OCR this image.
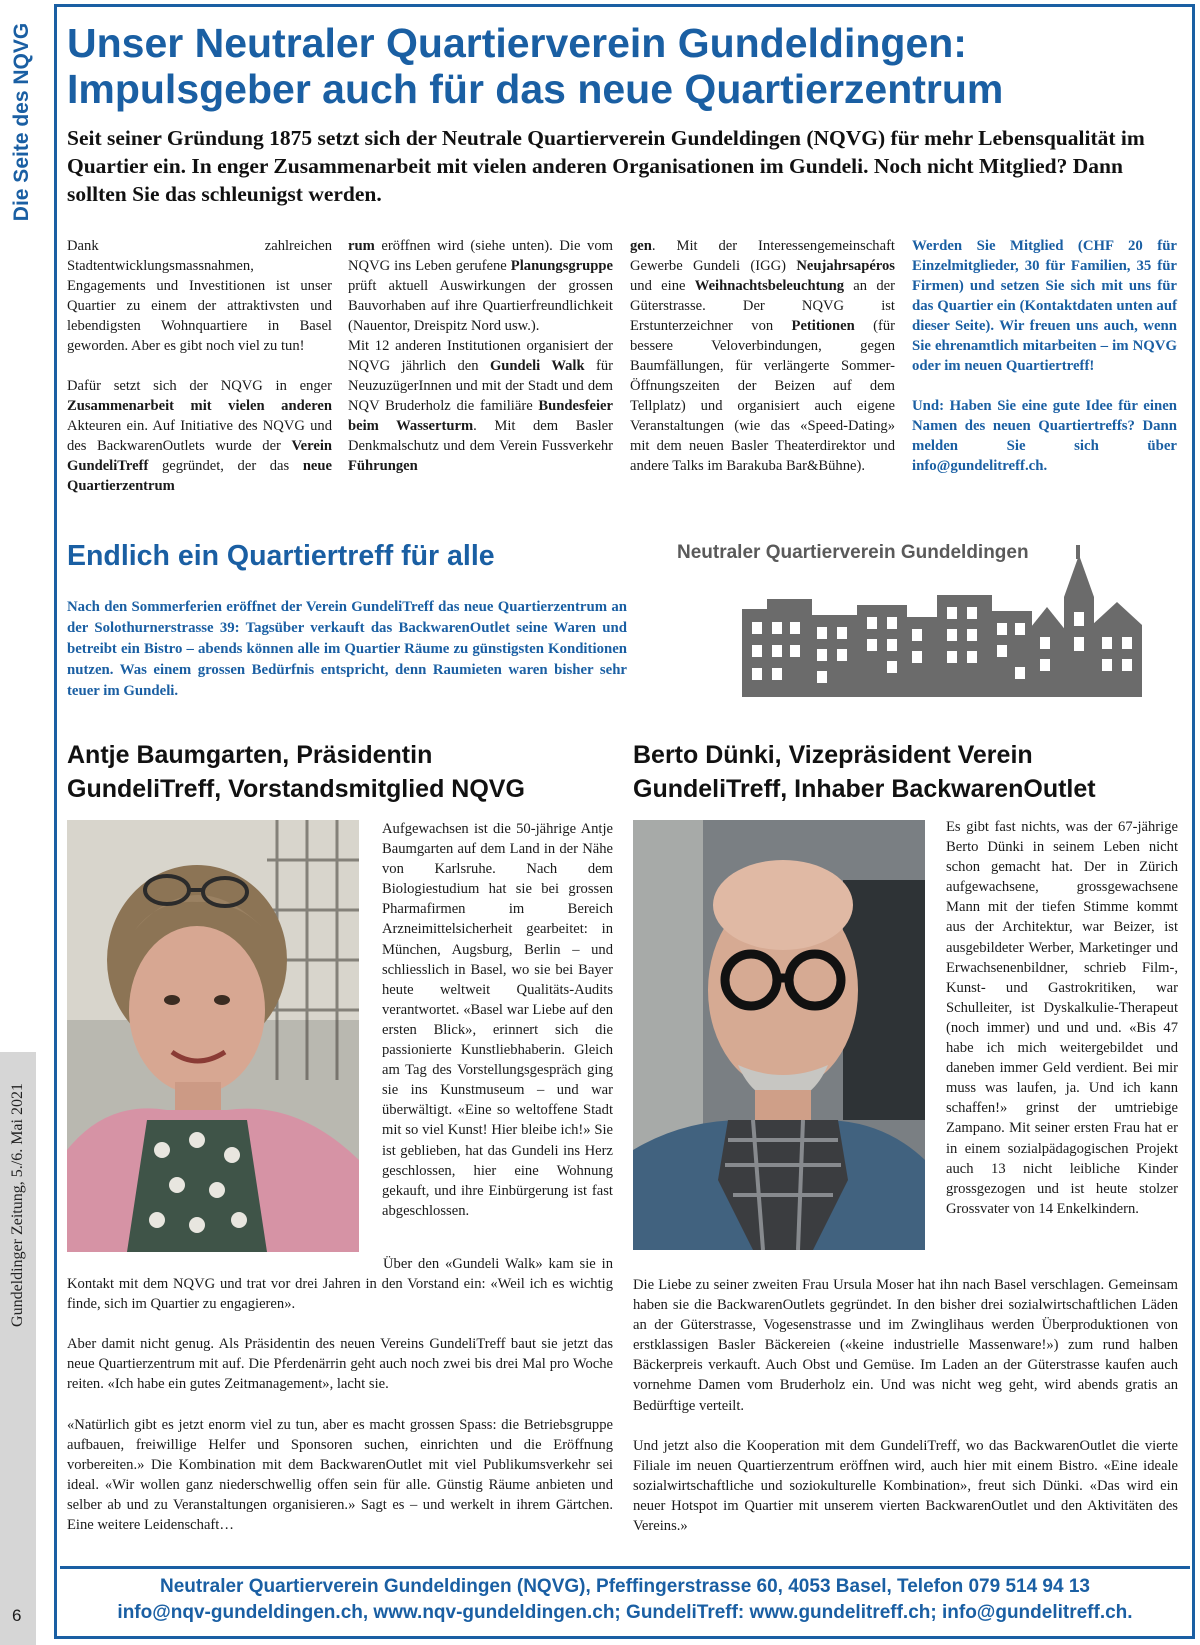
Die Seite des NQVG
Gundeldinger Zeitung, 5./6. Mai 2021
6
Unser Neutraler Quartierverein Gundeldingen:
Impulsgeber auch für das neue Quartierzentrum
Seit seiner Gründung 1875 setzt sich der Neutrale Quartierverein Gundeldingen (NQVG) für mehr Lebensqualität im Quartier ein. In enger Zusammenarbeit mit vielen anderen Organisationen im Gundeli. Noch nicht Mitglied? Dann sollten Sie das schleunigst werden.

Dank zahlreichen Stadtentwicklungsmassnahmen, Engagements und Investitionen ist unser Quartier zu einem der attraktivsten und lebendigsten Wohnquartiere in Basel geworden. Aber es gibt noch viel zu tun!

Dafür setzt sich der NQVG in enger Zusammenarbeit mit vielen anderen Akteuren ein. Auf Initiative des NQVG und des BackwarenOutlets wurde der Verein GundeliTreff gegründet, der das neue Quartierzentrum

rum eröffnen wird (siehe unten). Die vom NQVG ins Leben gerufene Planungsgruppe prüft aktuell Auswirkungen der grossen Bauvorhaben auf ihre Quartierfreundlichkeit (Nauentor, Dreispitz Nord usw.).
Mit 12 anderen Institutionen organisiert der NQVG jährlich den Gundeli Walk für NeuzuzügerInnen und mit der Stadt und dem NQV Bruderholz die familiäre Bundesfeier beim Wasserturm. Mit dem Basler Denkmalschutz und dem Verein Fussverkehr Führungen

gen. Mit der Interessengemeinschaft Gewerbe Gundeli (IGG) Neujahrsapéros und eine Weihnachtsbeleuchtung an der Güterstrasse. Der NQVG ist Erstunterzeichner von Petitionen (für bessere Veloverbindungen, gegen Baumfällungen, für verlängerte Sommer-Öffnungszeiten der Beizen auf dem Tellplatz) und organisiert auch eigene Veranstaltungen (wie das «Speed-Dating» mit dem neuen Basler Theaterdirektor und andere Talks im Barakuba Bar&Bühne).

Werden Sie Mitglied (CHF 20 für Einzelmitglieder, 30 für Familien, 35 für Firmen) und setzen Sie sich mit uns für das Quartier ein (Kontaktdaten unten auf dieser Seite). Wir freuen uns auch, wenn Sie ehrenamtlich mitarbeiten – im NQVG oder im neuen Quartiertreff!

Und: Haben Sie eine gute Idee für einen Namen des neuen Quartiertreffs? Dann melden Sie sich über info@gundelitreff.ch.

Endlich ein Quartiertreff für alle
Nach den Sommerferien eröffnet der Verein GundeliTreff das neue Quartierzentrum an der Solothurnerstrasse 39: Tagsüber verkauft das BackwarenOutlet seine Waren und betreibt ein Bistro – abends können alle im Quartier Räume zu günstigsten Konditionen nutzen. Was einem grossen Bedürfnis entspricht, denn Raumieten waren bisher sehr teuer im Gundeli.
Neutraler Quartierverein Gundeldingen
Antje Baumgarten, Präsidentin
GundeliTreff, Vorstandsmitglied NQVG
Berto Dünki, Vizepräsident Verein
GundeliTreff, Inhaber BackwarenOutlet
Aufgewachsen ist die 50-jährige Antje Baumgarten auf dem Land in der Nähe von Karlsruhe. Nach dem Biologiestudium hat sie bei grossen Pharmafirmen im Bereich Arzneimittelsicherheit gearbeitet: in München, Augsburg, Berlin – und schliesslich in Basel, wo sie bei Bayer heute weltweit Qualitäts-Audits verantwortet. «Basel war Liebe auf den ersten Blick», erinnert sich die passionierte Kunstliebhaberin. Gleich am Tag des Vorstellungsgespräch ging sie ins Kunstmuseum – und war überwältigt. «Eine so weltoffene Stadt mit so viel Kunst! Hier bleibe ich!» Sie ist geblieben, hat das Gundeli ins Herz geschlossen, hier eine Wohnung gekauft, und ihre Einbürgerung ist fast abgeschlossen.
Es gibt fast nichts, was der 67-jährige Berto Dünki in seinem Leben nicht schon gemacht hat. Der in Zürich aufgewachsene, grossgewachsene Mann mit der tiefen Stimme kommt aus der Architektur, war Beizer, ist ausgebildeter Werber, Marketinger und Erwachsenenbildner, schrieb Film-, Kunst- und Gastrokritiken, war Schulleiter, ist Dyskalkulie-Therapeut (noch immer) und und und. «Bis 47 habe ich mich weitergebildet und daneben immer Geld verdient. Bei mir muss was laufen, ja. Und ich kann schaffen!» grinst der umtriebige Zampano. Mit seiner ersten Frau hat er in einem sozialpädagogischen Projekt auch 13 nicht leibliche Kinder grossgezogen und ist heute stolzer Grossvater von 14 Enkelkindern.

Über den «Gundeli Walk» kam sie in Kontakt mit dem NQVG und trat vor drei Jahren in den Vorstand ein: «Weil ich es wichtig finde, sich im Quartier zu engagieren».

Aber damit nicht genug. Als Präsidentin des neuen Vereins GundeliTreff baut sie jetzt das neue Quartierzentrum mit auf. Die Pferdenärrin geht auch noch zwei bis drei Mal pro Woche reiten. «Ich habe ein gutes Zeitmanagement», lacht sie.

«Natürlich gibt es jetzt enorm viel zu tun, aber es macht grossen Spass: die Betriebsgruppe aufbauen, freiwillige Helfer und Sponsoren suchen, einrichten und die Eröffnung vorbereiten.» Die Kombination mit dem BackwarenOutlet mit viel Publikumsverkehr sei ideal. «Wir wollen ganz niederschwellig offen sein für alle. Günstig Räume anbieten und selber ab und zu Veranstaltungen organisieren.» Sagt es – und werkelt in ihrem Gärtchen. Eine weitere Leidenschaft…

Die Liebe zu seiner zweiten Frau Ursula Moser hat ihn nach Basel verschlagen. Gemeinsam haben sie die BackwarenOutlets gegründet. In den bisher drei sozialwirtschaftlichen Läden an der Güterstrasse, Vogesenstrasse und im Zwinglihaus werden Überproduktionen von erstklassigen Basler Bäckereien («keine industrielle Massenware!») zum rund halben Bäckerpreis verkauft. Auch Obst und Gemüse. Im Laden an der Güterstrasse kaufen auch vornehme Damen vom Bruderholz ein. Und was nicht weg geht, wird abends gratis an Bedürftige verteilt.

Und jetzt also die Kooperation mit dem GundeliTreff, wo das BackwarenOutlet die vierte Filiale im neuen Quartierzentrum eröffnen wird, auch hier mit einem Bistro. «Eine ideale sozialwirtschaftliche und soziokulturelle Kombination», freut sich Dünki. «Das wird ein neuer Hotspot im Quartier mit unserem vierten BackwarenOutlet und den Aktivitäten des Vereins.»

Neutraler Quartierverein Gundeldingen (NQVG), Pfeffingerstrasse 60, 4053 Basel, Telefon 079 514 94 13
info@nqv-gundeldingen.ch, www.nqv-gundeldingen.ch; GundeliTreff: www.gundelitreff.ch; info@gundelitreff.ch.
